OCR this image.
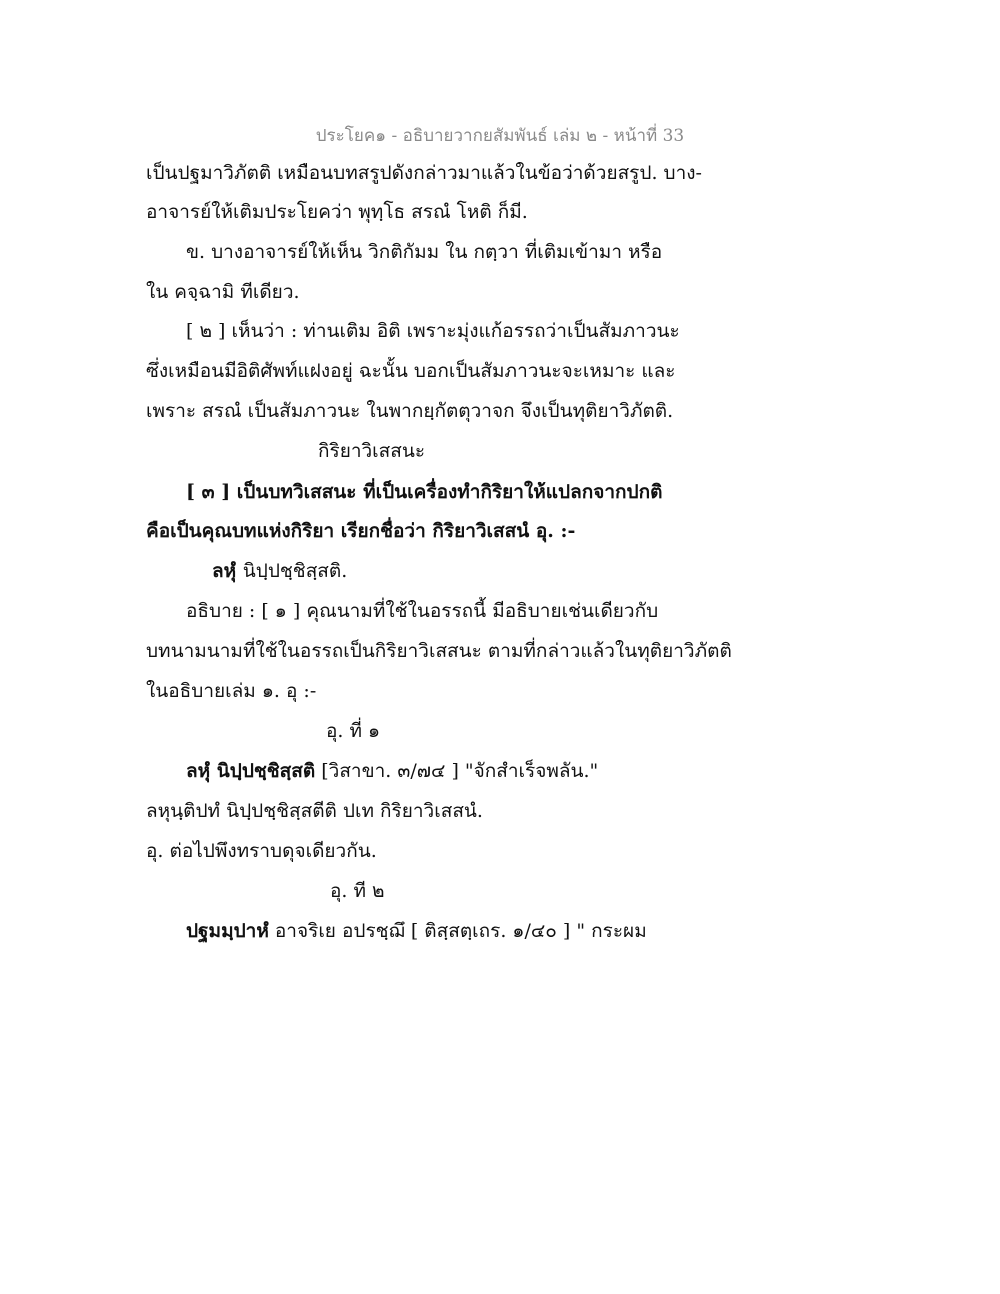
ประโยค๑ - อธิบายวากยสัมพันธ์ เล่ม ๒ - หน้าที่ 33
เป็นปฐมาวิภัตติ เหมือนบทสรูปดังกล่าวมาแล้วในข้อว่าด้วยสรูป. บาง-
อาจารย์ให้เติมประโยคว่า พุทฺโธ สรณํ โหติ ก็มี.
ข. บางอาจารย์ให้เห็น วิกติกัมม ใน กตฺวา ที่เติมเข้ามา หรือ
ใน คจฺฉามิ ทีเดียว.
[ ๒ ] เห็นว่า : ท่านเติม อิติ เพราะมุ่งแก้อรรถว่าเป็นสัมภาวนะ
ซึ่งเหมือนมีอิติศัพท์แฝงอยู่ ฉะนั้น บอกเป็นสัมภาวนะจะเหมาะ และ
เพราะ สรณํ เป็นสัมภาวนะ ในพากยฺกัตตุวาจก จึงเป็นทุติยาวิภัตติ.
กิริยาวิเสสนะ
[ ๓ ] เป็นบทวิเสสนะ ที่เป็นเครื่องทำกิริยาให้แปลกจากปกติ
คือเป็นคุณบทแห่งกิริยา เรียกชื่อว่า กิริยาวิเสสนํ อุ. :-
ลหุํ นิปฺปชฺชิสฺสติ.
อธิบาย : [ ๑ ] คุณนามที่ใช้ในอรรถนี้ มีอธิบายเช่นเดียวกับ
บทนามนามที่ใช้ในอรรถเป็นกิริยาวิเสสนะ ตามที่กล่าวแล้วในทุติยาวิภัตติ
ในอธิบายเล่ม ๑. อุ :-
อุ. ที่ ๑
ลหุํ นิปฺปชฺชิสฺสติ [วิสาขา. ๓/๗๔ ] "จักสำเร็จพลัน."
ลหุนฺติปทํ นิปฺปชฺชิสฺสตีติ ปเท กิริยาวิเสสนํ.
อุ. ต่อไปพึงทราบดุจเดียวกัน.
อุ. ที ๒
ปฐมมฺปาหํ อาจริเย อปรชฺฌึ [ ติสฺสตฺเถร. ๑/๔๐ ] " กระผม
